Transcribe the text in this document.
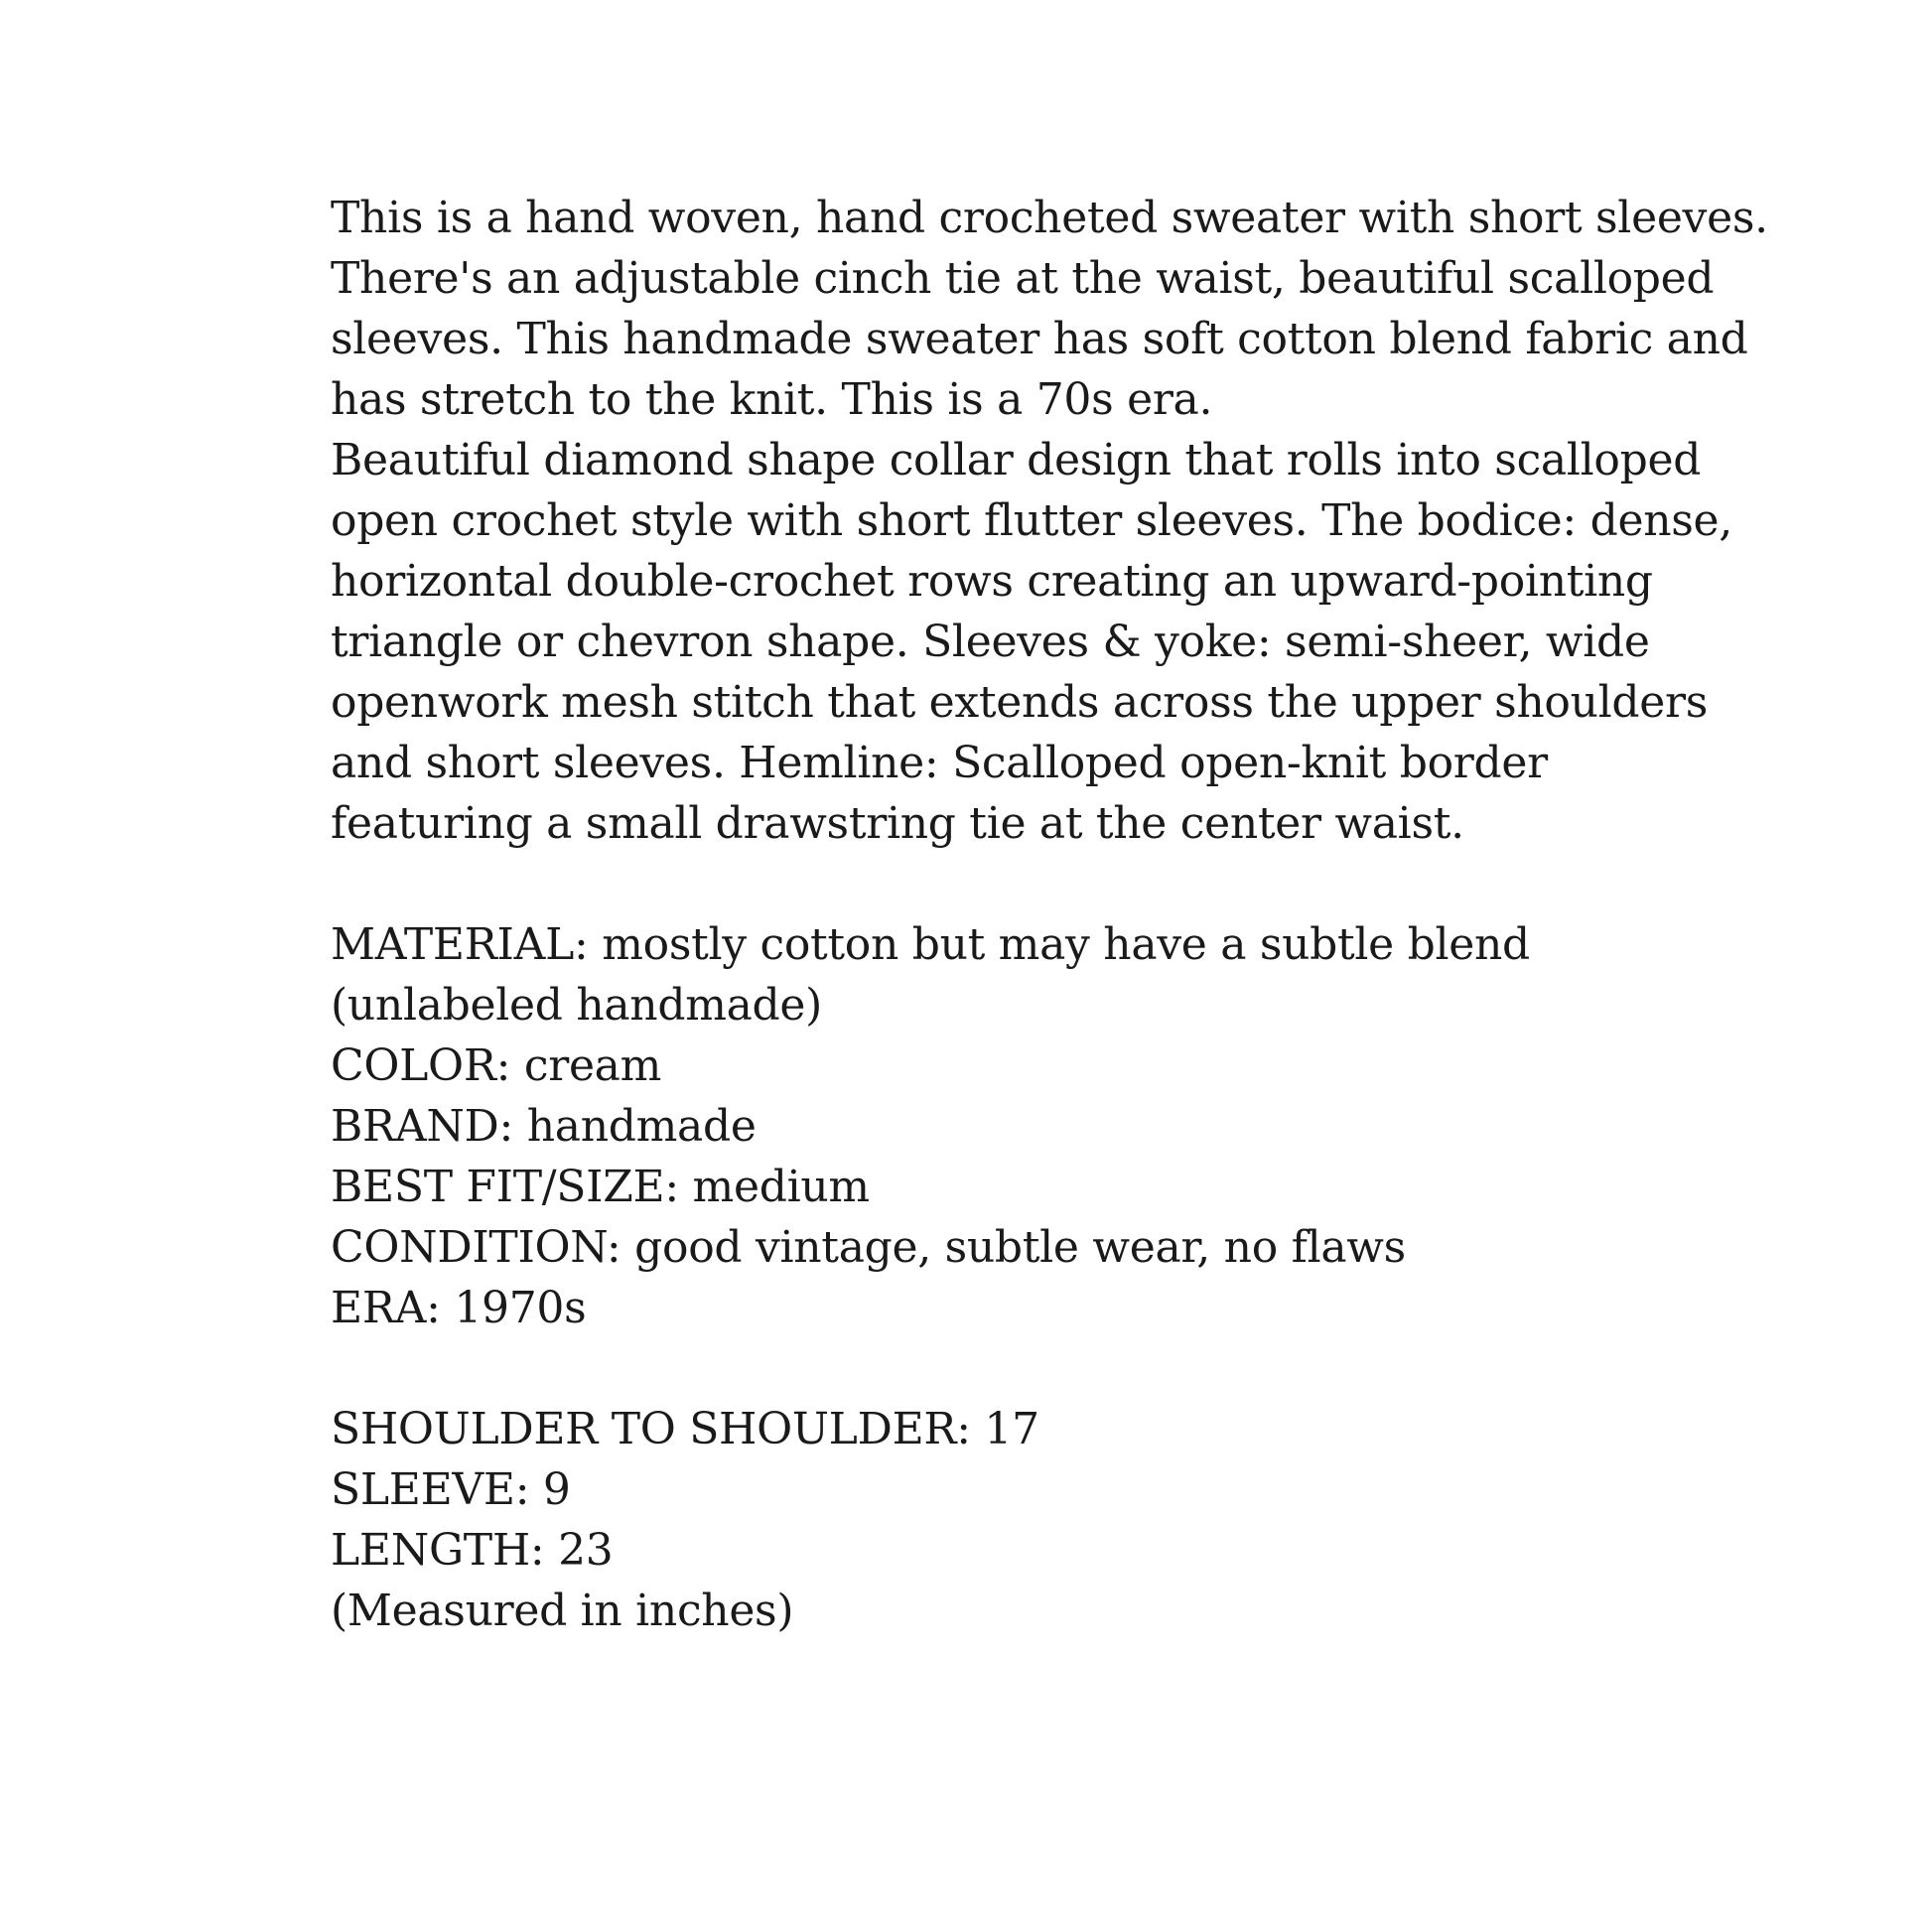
This is a hand woven, hand crocheted sweater with short sleeves.
There's an adjustable cinch tie at the waist, beautiful scalloped
sleeves. This handmade sweater has soft cotton blend fabric and
has stretch to the knit. This is a 70s era.
Beautiful diamond shape collar design that rolls into scalloped
open crochet style with short flutter sleeves. The bodice: dense,
horizontal double-crochet rows creating an upward-pointing
triangle or chevron shape. Sleeves & yoke: semi-sheer, wide
openwork mesh stitch that extends across the upper shoulders
and short sleeves. Hemline: Scalloped open-knit border
featuring a small drawstring tie at the center waist.
MATERIAL: mostly cotton but may have a subtle blend
(unlabeled handmade)
COLOR: cream
BRAND: handmade
BEST FIT/SIZE: medium
CONDITION: good vintage, subtle wear, no flaws
ERA: 1970s
SHOULDER TO SHOULDER: 17
SLEEVE: 9
LENGTH: 23
(Measured in inches)
